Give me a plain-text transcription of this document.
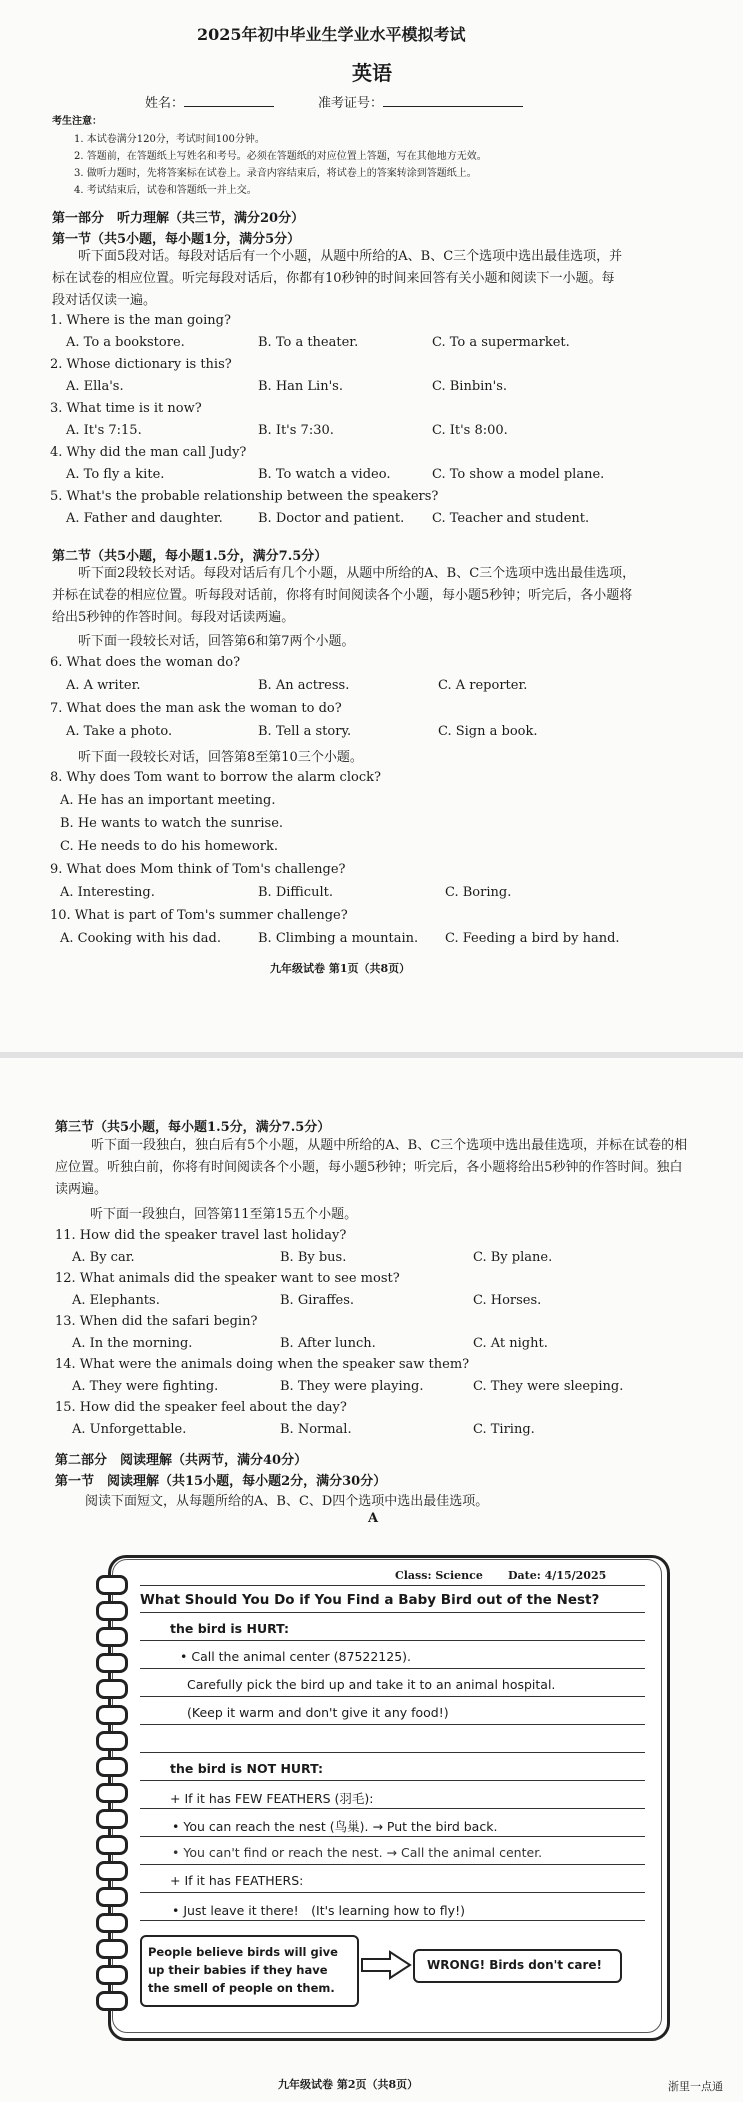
2025年初中毕业生学业水平模拟考试
英语
姓名：	准考证号：
考生注意：
1. 本试卷满分120分，考试时间100分钟。
2. 答题前，在答题纸上写姓名和考号。必须在答题纸的对应位置上答题，写在其他地方无效。
3. 做听力题时，先将答案标在试卷上。录音内容结束后，将试卷上的答案转涂到答题纸上。
4. 考试结束后，试卷和答题纸一并上交。
第一部分　听力理解（共三节，满分20分）
第一节（共5小题，每小题1分，满分5分）
听下面5段对话。每段对话后有一个小题，从题中所给的A、B、C三个选项中选出最佳选项，并标在试卷的相应位置。听完每段对话后，你都有10秒钟的时间来回答有关小题和阅读下一小题。每段对话仅读一遍。
1. Where is the man going?
A. To a bookstore.	B. To a theater.	C. To a supermarket.
2. Whose dictionary is this?
A. Ella's.	B. Han Lin's.	C. Binbin's.
3. What time is it now?
A. It's 7:15.	B. It's 7:30.	C. It's 8:00.
4. Why did the man call Judy?
A. To fly a kite.	B. To watch a video.	C. To show a model plane.
5. What's the probable relationship between the speakers?
A. Father and daughter.	B. Doctor and patient. C. Teacher and student.
第二节（共5小题，每小题1.5分，满分7.5分）
听下面2段较长对话。每段对话后有几个小题，从题中所给的A、B、C三个选项中选出最佳选项，并标在试卷的相应位置。听每段对话前，你将有时间阅读各个小题，每小题5秒钟；听完后，各小题将给出5秒钟的作答时间。每段对话读两遍。
听下面一段较长对话，回答第6和第7两个小题。
6. What does the woman do?
A. A writer.	B. An actress.	C. A reporter.
7. What does the man ask the woman to do?
A. Take a photo.	B. Tell a story.	C. Sign a book.
听下面一段较长对话，回答第8至第10三个小题。
8. Why does Tom want to borrow the alarm clock?
A. He has an important meeting.
B. He wants to watch the sunrise.
C. He needs to do his homework.
9. What does Mom think of Tom's challenge?
A. Interesting.	B. Difficult.	C. Boring.
10. What is part of Tom's summer challenge?
A. Cooking with his dad.	B. Climbing a mountain. C. Feeding a bird by hand.
九年级试卷 第1页（共8页）
第三节（共5小题，每小题1.5分，满分7.5分）
听下面一段独白，独白后有5个小题，从题中所给的A、B、C三个选项中选出最佳选项，并标在试卷的相应位置。听独白前，你将有时间阅读各个小题，每小题5秒钟；听完后，各小题将给出5秒钟的作答时间。独白读两遍。
听下面一段独白，回答第11至第15五个小题。
11. How did the speaker travel last holiday?
A. By car.	B. By bus.	C. By plane.
12. What animals did the speaker want to see most?
A. Elephants.	B. Giraffes.	C. Horses.
13. When did the safari begin?
A. In the morning.	B. After lunch.	C. At night.
14. What were the animals doing when the speaker saw them?
A. They were fighting.	B. They were playing.	C. They were sleeping.
15. How did the speaker feel about the day?
A. Unforgettable.	B. Normal.	C. Tiring.
第二部分　阅读理解（共两节，满分40分）
第一节　阅读理解（共15小题，每小题2分，满分30分）
阅读下面短文，从每题所给的A、B、C、D四个选项中选出最佳选项。
A
Class: Science Date: 4/15/2025
What Should You Do if You Find a Baby Bird out of the Nest?
the bird is HURT:
• Call the animal center (87522125).
Carefully pick the bird up and take it to an animal hospital.
(Keep it warm and don't give it any food!)
the bird is NOT HURT:
+ If it has FEW FEATHERS (羽毛):
• You can reach the nest (鸟巢). → Put the bird back.
• You can't find or reach the nest. → Call the animal center.
+ If it has FEATHERS:
• Just leave it there!　(It's learning how to fly!)
People believe birds will give up their babies if they have the smell of people on them.
WRONG! Birds don't care!
九年级试卷 第2页（共8页）	浙里一点通
